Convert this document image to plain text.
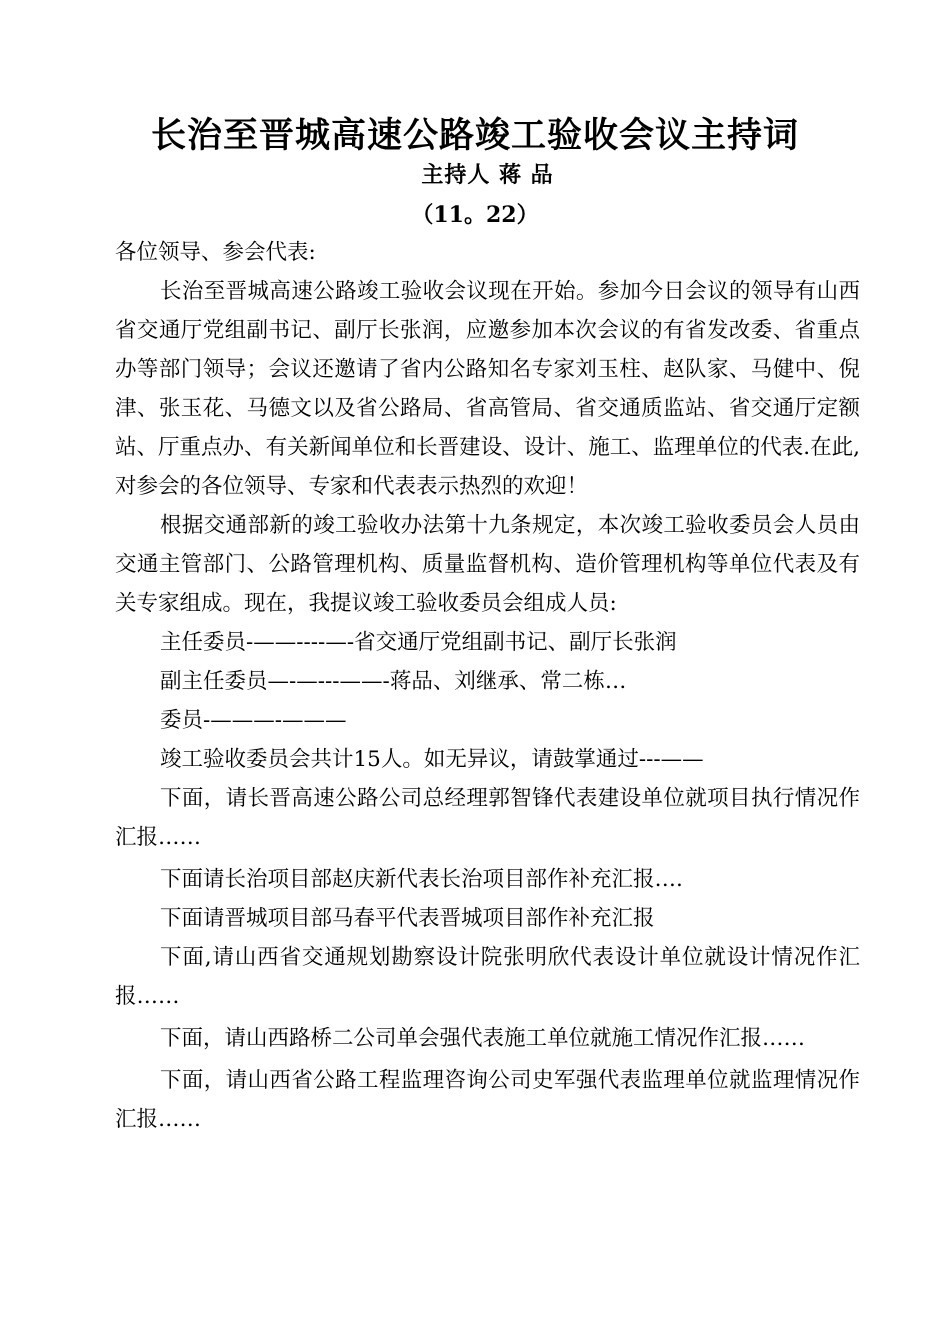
长治至晋城高速公路竣工验收会议主持词
主持人 蒋 品
（11。22）

各位领导、参会代表:

长治至晋城高速公路竣工验收会议现在开始。参加今日会议的领导有山西省交通厅党组副书记、副厅长张润，应邀参加本次会议的有省发改委、省重点办等部门领导；会议还邀请了省内公路知名专家刘玉柱、赵队家、马健中、倪津、张玉花、马德文以及省公路局、省高管局、省交通质监站、省交通厅定额站、厅重点办、有关新闻单位和长晋建设、设计、施工、监理单位的代表.在此,对参会的各位领导、专家和代表表示热烈的欢迎！

根据交通部新的竣工验收办法第十九条规定，本次竣工验收委员会人员由交通主管部门、公路管理机构、质量监督机构、造价管理机构等单位代表及有关专家组成。现在，我提议竣工验收委员会组成人员:

主任委员-——----—-省交通厅党组副书记、副厅长张润

副主任委员—-—---——-蒋品、刘继承、常二栋…

委员-———-———

竣工验收委员会共计15人。如无异议，请鼓掌通过---——

下面，请长晋高速公路公司总经理郭智锋代表建设单位就项目执行情况作汇报……

下面请长治项目部赵庆新代表长治项目部作补充汇报….

下面请晋城项目部马春平代表晋城项目部作补充汇报

下面,请山西省交通规划勘察设计院张明欣代表设计单位就设计情况作汇报……

下面，请山西路桥二公司单会强代表施工单位就施工情况作汇报……

下面，请山西省公路工程监理咨询公司史军强代表监理单位就监理情况作汇报……
